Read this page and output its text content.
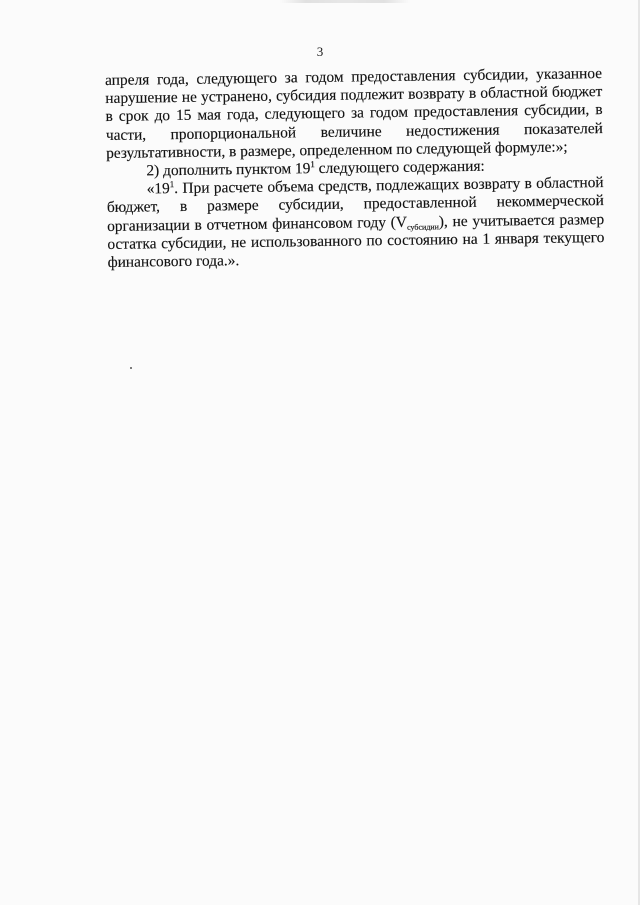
3

апреля года, следующего за годом предоставления субсидии, указанное нарушение не устранено, субсидия подлежит возврату в областной бюджет в срок до 15 мая года, следующего за годом предоставления субсидии, в части, пропорциональной величине недостижения показателей результативности, в размере, определенном по следующей формуле:»;

2) дополнить пунктом $19^1$ следующего содержания:

«$19^1$. При расчете объема средств, подлежащих возврату в областной бюджет, в размере субсидии, предоставленной некоммерческой организации в отчетном финансовом году $(V_{субсидии})$, не учитывается размер остатка субсидии, не использованного по состоянию на 1 января текущего финансового года.».
